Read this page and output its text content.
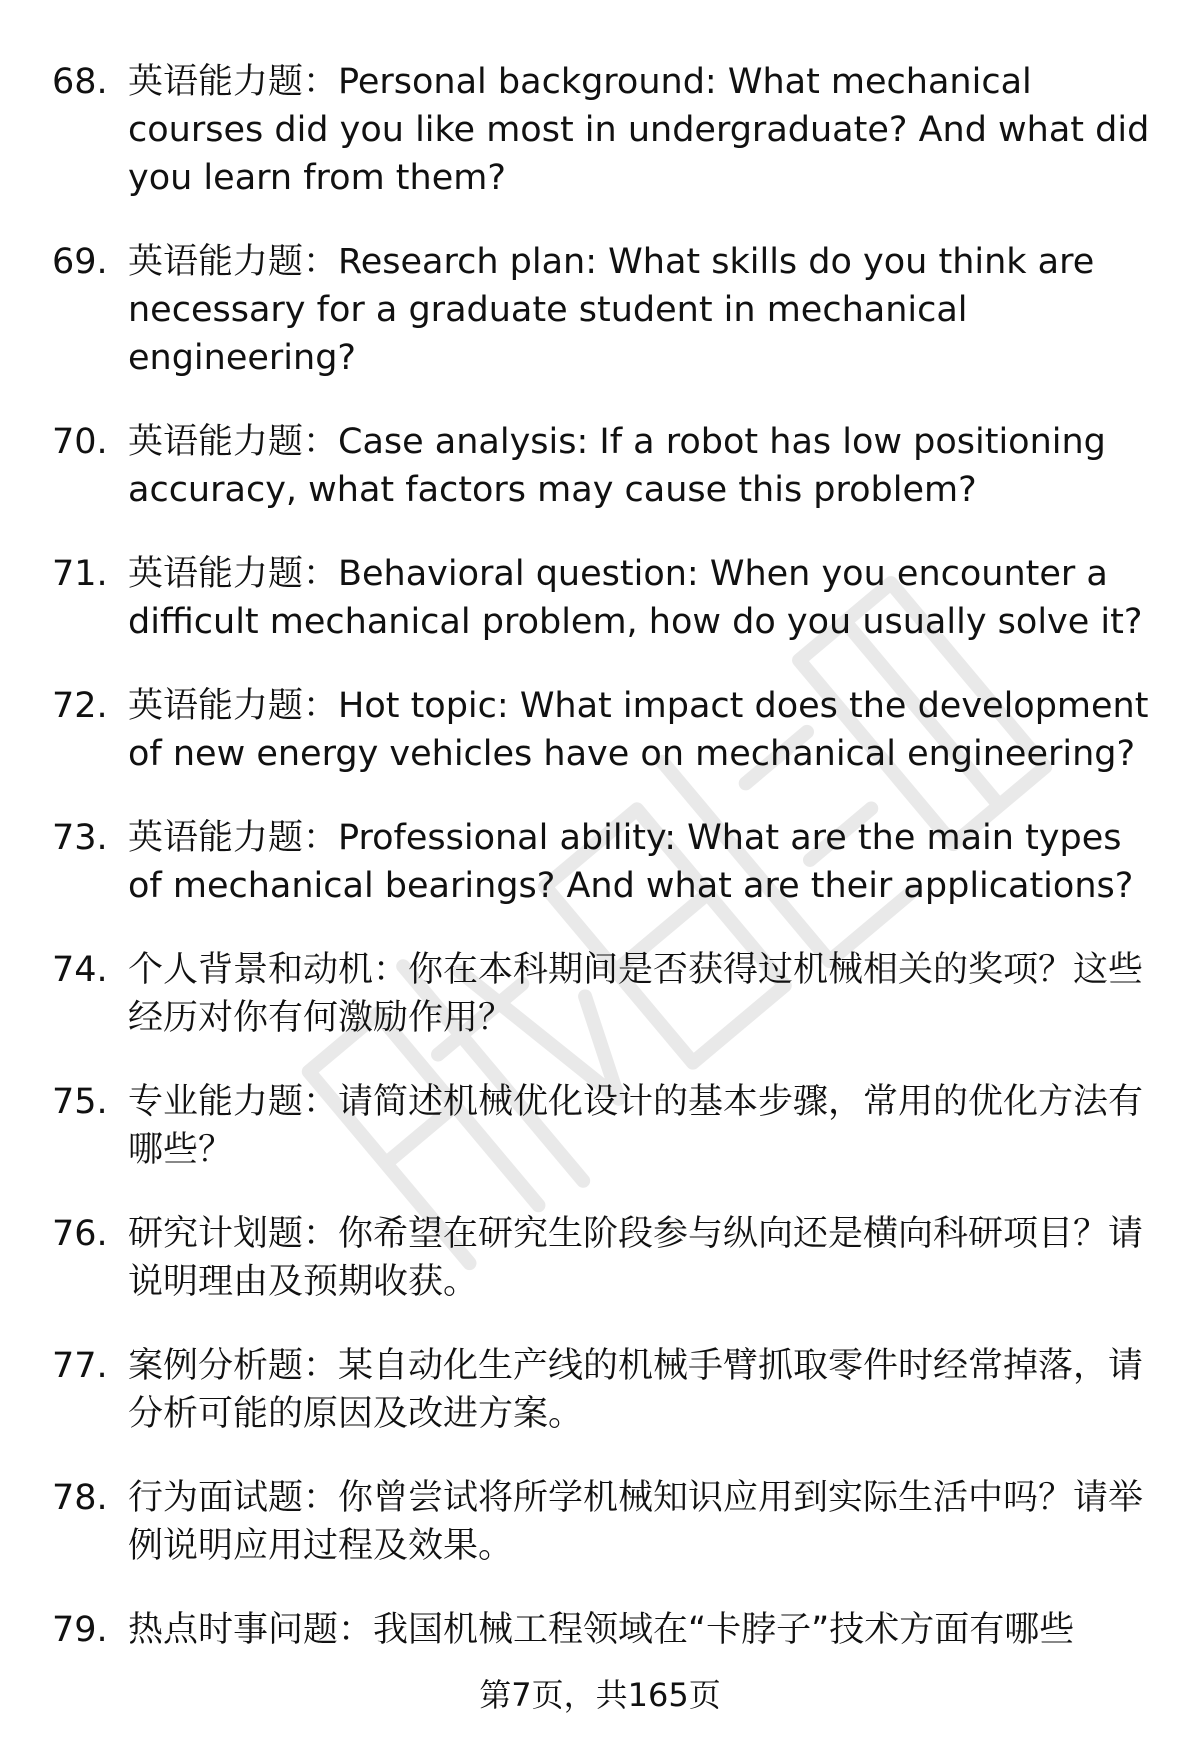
68. 英语能力题：Personal background: What mechanical courses did you like most in undergraduate? And what did you learn from them?
69. 英语能力题：Research plan: What skills do you think are necessary for a graduate student in mechanical engineering?
70. 英语能力题：Case analysis: If a robot has low positioning accuracy, what factors may cause this problem?
71. 英语能力题：Behavioral question: When you encounter a difficult mechanical problem, how do you usually solve it?
72. 英语能力题：Hot topic: What impact does the development of new energy vehicles have on mechanical engineering?
73. 英语能力题：Professional ability: What are the main types of mechanical bearings? And what are their applications?
74. 个人背景和动机：你在本科期间是否获得过机械相关的奖项？这些经历对你有何激励作用？
75. 专业能力题：请简述机械优化设计的基本步骤，常用的优化方法有哪些？
76. 研究计划题：你希望在研究生阶段参与纵向还是横向科研项目？请说明理由及预期收获。
77. 案例分析题：某自动化生产线的机械手臂抓取零件时经常掉落，请分析可能的原因及改进方案。
78. 行为面试题：你曾尝试将所学机械知识应用到实际生活中吗？请举例说明应用过程及效果。
79. 热点时事问题：我国机械工程领域在“卡脖子”技术方面有哪些
第7页，共165页
